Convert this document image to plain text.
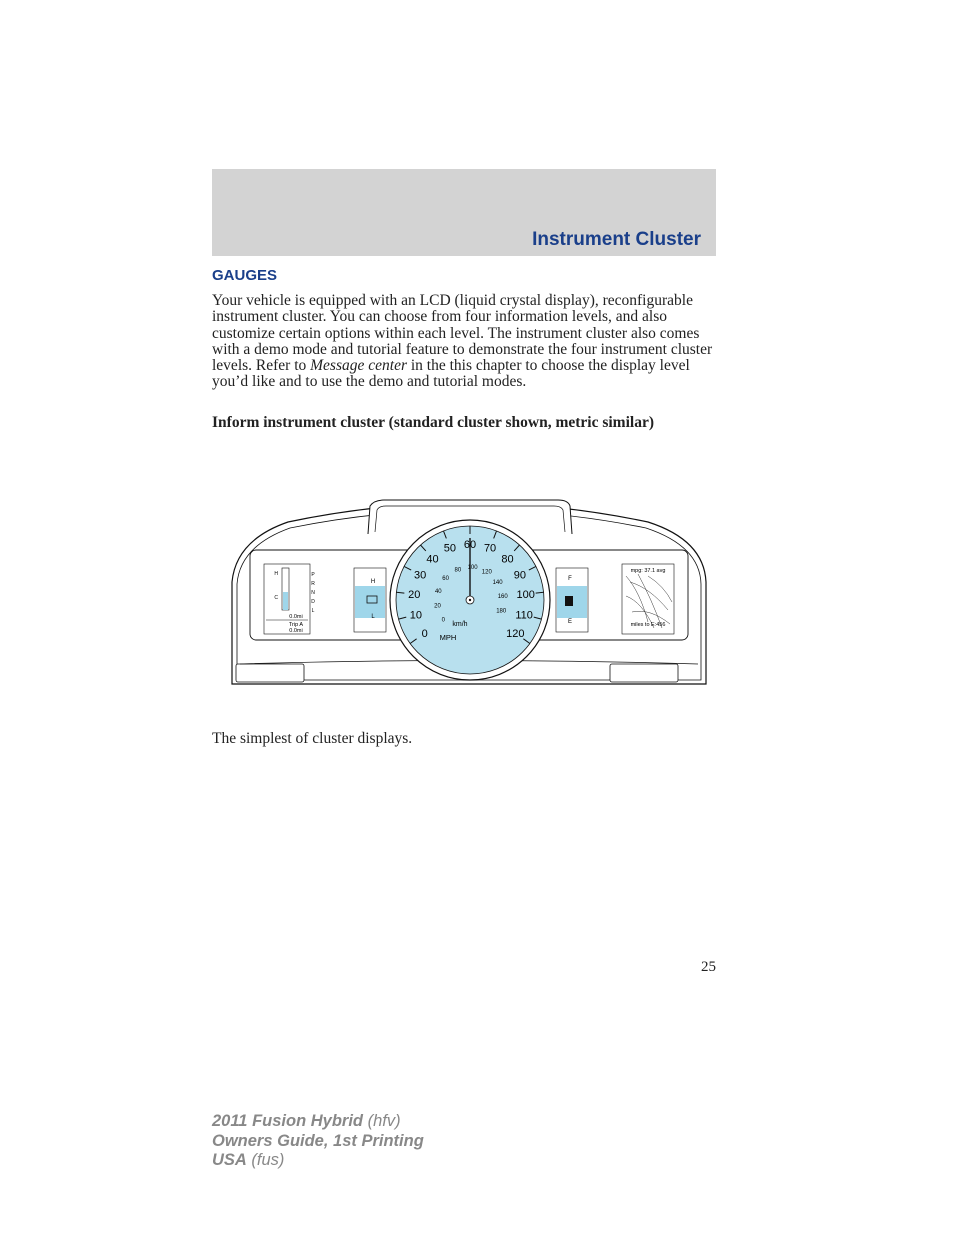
Instrument Cluster
GAUGES
Your vehicle is equipped with an LCD (liquid crystal display), reconfigurable instrument cluster. You can choose from four information levels, and also customize certain options within each level. The instrument cluster also comes with a demo mode and tutorial feature to demonstrate the four instrument cluster levels. Refer to Message center in the this chapter to choose the display level you’d like and to use the demo and tutorial modes.
Inform instrument cluster (standard cluster shown, metric similar)
H
C
P
R
N
D
L
0.0mi
Trip A
0.0mi
H
L
F
E
mpg: 37.1 avg
miles to E:456
0
10
20
30
40
50 60 70
80
90
100
110
120
0
20
40
60
80 100
120
140
160
180
km/h
MPH
The simplest of cluster displays.
25
2011 Fusion Hybrid (hfv)
Owners Guide, 1st Printing
USA (fus)
